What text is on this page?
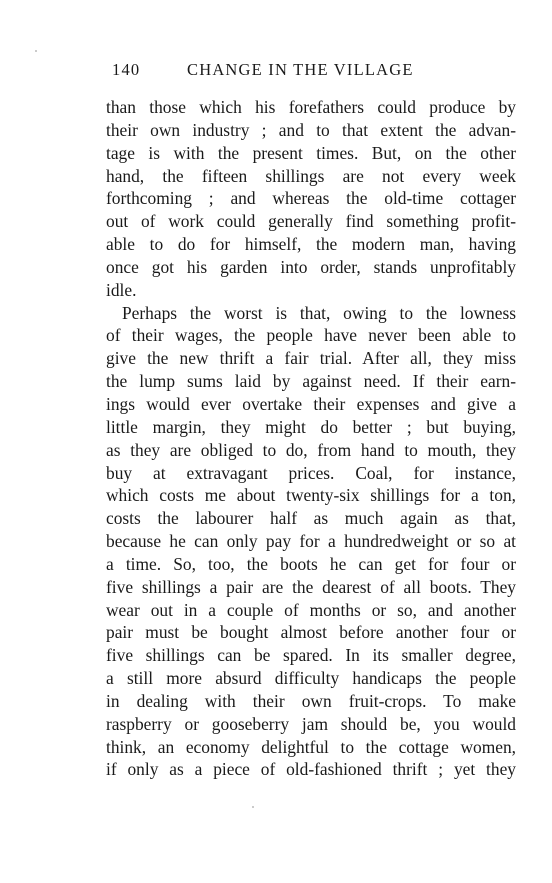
140	CHANGE IN THE VILLAGE
than those which his forefathers could produce by
their own industry ; and to that extent the advan-
tage is with the present times. But, on the other
hand, the fifteen shillings are not every week
forthcoming ; and whereas the old-time cottager
out of work could generally find something profit-
able to do for himself, the modern man, having
once got his garden into order, stands unprofitably
idle.
Perhaps the worst is that, owing to the lowness
of their wages, the people have never been able to
give the new thrift a fair trial. After all, they miss
the lump sums laid by against need. If their earn-
ings would ever overtake their expenses and give a
little margin, they might do better ; but buying,
as they are obliged to do, from hand to mouth, they
buy at extravagant prices. Coal, for instance,
which costs me about twenty-six shillings for a ton,
costs the labourer half as much again as that,
because he can only pay for a hundredweight or so at
a time. So, too, the boots he can get for four or
five shillings a pair are the dearest of all boots. They
wear out in a couple of months or so, and another
pair must be bought almost before another four or
five shillings can be spared. In its smaller degree,
a still more absurd difficulty handicaps the people
in dealing with their own fruit-crops. To make
raspberry or gooseberry jam should be, you would
think, an economy delightful to the cottage women,
if only as a piece of old-fashioned thrift ; yet they
